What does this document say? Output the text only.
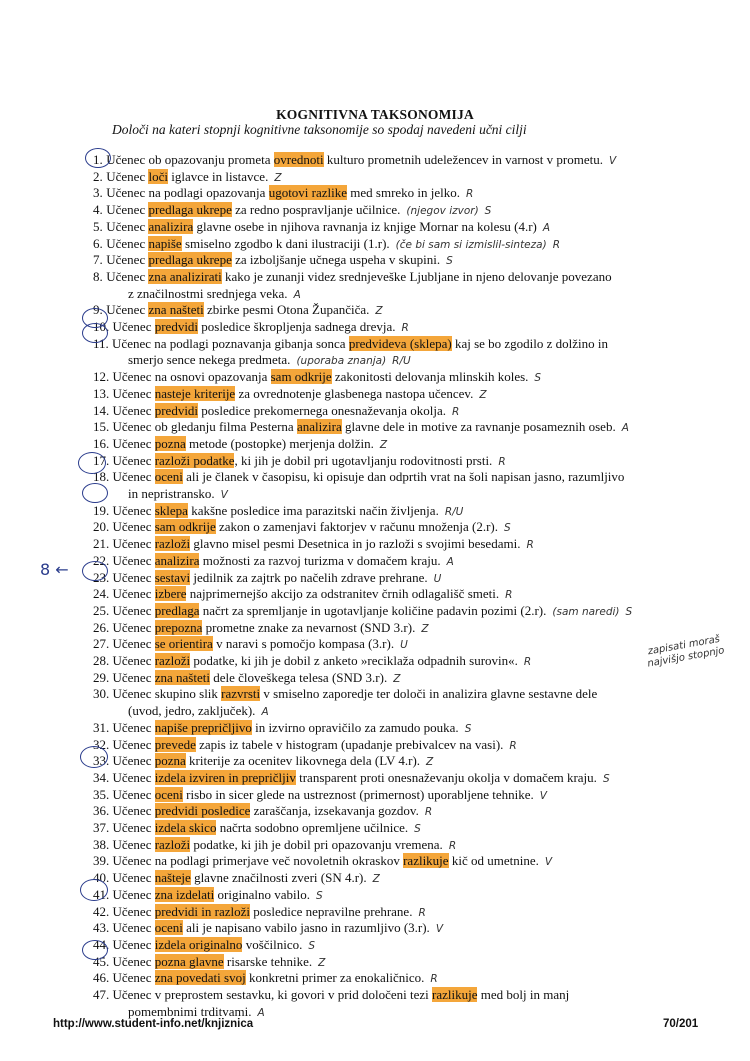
KOGNITIVNA TAKSONOMIJA
Določi na kateri stopnji kognitivne taksonomije so spodaj navedeni učni cilji
1. Učenec ob opazovanju prometa ovrednoti kulturo prometnih udeležencev in varnost v prometu. V
2. Učenec loči iglavce in listavce. Z
3. Učenec na podlagi opazovanja ugotovi razlike med smreko in jelko. R
4. Učenec predlaga ukrepe za redno pospravljanje učilnice. (njegov izvor) S
5. Učenec analizira glavne osebe in njihova ravnanja iz knjige Mornar na kolesu (4.r) A
6. Učenec napiše smiselno zgodbo k dani ilustraciji (1.r). (če bi sam si izmislil-sinteza) R
7. Učenec predlaga ukrepe za izboljšanje učnega uspeha v skupini. S
8. Učenec zna analizirati kako je zunanji videz srednjeveške Ljubljane in njeno delovanje povezano
z značilnostmi srednjega veka. A
9. Učenec zna našteti zbirke pesmi Otona Župančiča. Z
10. Učenec predvidi posledice škropljenja sadnega drevja. R
11. Učenec na podlagi poznavanja gibanja sonca predvideva (sklepa) kaj se bo zgodilo z dolžino in
smerjo sence nekega predmeta. (uporaba znanja) R/U
12. Učenec na osnovi opazovanja sam odkrije zakonitosti delovanja mlinskih koles. S
13. Učenec nasteje kriterije za ovrednotenje glasbenega nastopa učencev. Z
14. Učenec predvidi posledice prekomernega onesnaževanja okolja. R
15. Učenec ob gledanju filma Pesterna analizira glavne dele in motive za ravnanje posameznih oseb. A
16. Učenec pozna metode (postopke) merjenja dolžin. Z
17. Učenec razloži podatke, ki jih je dobil pri ugotavljanju rodovitnosti prsti. R
18. Učenec oceni ali je članek v časopisu, ki opisuje dan odprtih vrat na šoli napisan jasno, razumljivo
in nepristransko. V
19. Učenec sklepa kakšne posledice ima parazitski način življenja. R/U
20. Učenec sam odkrije zakon o zamenjavi faktorjev v računu množenja (2.r). S
21. Učenec razloži glavno misel pesmi Desetnica in jo razloži s svojimi besedami. R
22. Učenec analizira možnosti za razvoj turizma v domačem kraju. A
23. Učenec sestavi jedilnik za zajtrk po načelih zdrave prehrane. U
24. Učenec izbere najprimernejšo akcijo za odstranitev črnih odlagališč smeti. R
25. Učenec predlaga načrt za spremljanje in ugotavljanje količine padavin pozimi (2.r). (sam naredi) S
26. Učenec prepozna prometne znake za nevarnost (SND 3.r). Z
27. Učenec se orientira v naravi s pomočjo kompasa (3.r). U
28. Učenec razloži podatke, ki jih je dobil z anketo »reciklaža odpadnih surovin«. R
29. Učenec zna našteti dele človeškega telesa (SND 3.r). Z
30. Učenec skupino slik razvrsti v smiselno zaporedje ter določi in analizira glavne sestavne dele
(uvod, jedro, zaključek). A
31. Učenec napiše prepričljivo in izvirno opravičilo za zamudo pouka. S
32. Učenec prevede zapis iz tabele v histogram (upadanje prebivalcev na vasi). R
33. Učenec pozna kriterije za ocenitev likovnega dela (LV 4.r). Z
34. Učenec izdela izviren in prepričljiv transparent proti onesnaževanju okolja v domačem kraju. S
35. Učenec oceni risbo in sicer glede na ustreznost (primernost) uporabljene tehnike. V
36. Učenec predvidi posledice zaraščanja, izsekavanja gozdov. R
37. Učenec izdela skico načrta sodobno opremljene učilnice. S
38. Učenec razloži podatke, ki jih je dobil pri opazovanju vremena. R
39. Učenec na podlagi primerjave več novoletnih okraskov razlikuje kič od umetnine. V
40. Učenec našteje glavne značilnosti zveri (SN 4.r). Z
41. Učenec zna izdelati originalno vabilo. S
42. Učenec predvidi in razloži posledice nepravilne prehrane. R
43. Učenec oceni ali je napisano vabilo jasno in razumljivo (3.r). V
44. Učenec izdela originalno voščilnico. S
45. Učenec pozna glavne risarske tehnike. Z
46. Učenec zna povedati svoj konkretni primer za enokaličnico. R
47. Učenec v preprostem sestavku, ki govori v prid določeni tezi razlikuje med bolj in manj
pomembnimi trditvami. A
8 ←
zapisati moraš najvišjo stopnjo
http://www.student-info.net/knjiznica	70/201
